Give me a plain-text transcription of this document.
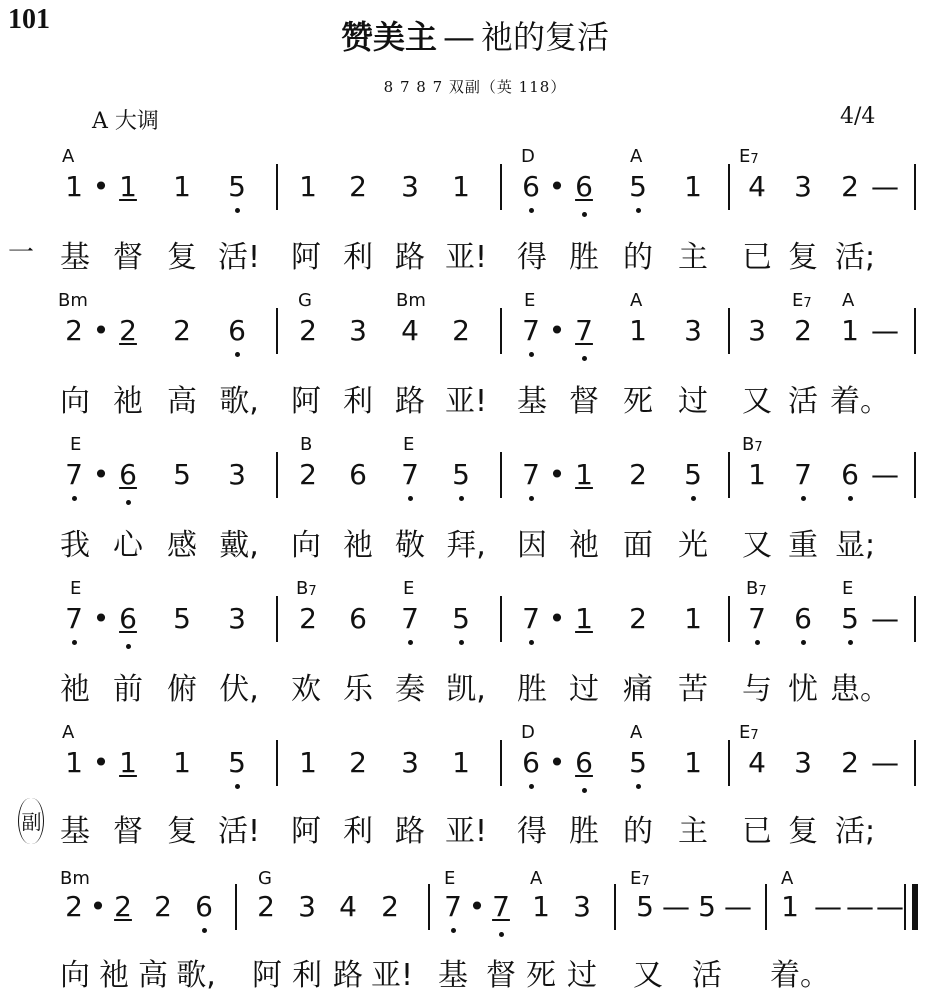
101	赞美主 — 祂的复活
8 7 8 7 双副（英 118）
A 大调	4/4
一
副
A	D	A	$E_7$
1 • 1 1 5 1 2 3 1 6 • 6 5 1 4 3 2 —
基 督 复 活! 阿 利 路 亚! 得 胜 的 主 已 复 活;
Bm	G	Bm	E	A	$E_7$ A
2 • 2 2 6 2 3 4 2 7 • 7 1 3 3 2 1 —
向 祂 高 歌, 阿 利 路 亚! 基 督 死 过 又 活 着。
E	B	E	$B_7$
7 • 6 5 3 2 6 7 5 7 • 1 2 5 1 7 6 —
我 心 感 戴, 向 祂 敬 拜, 因 祂 面 光 又 重 显;
E	$B_7$	E	$B_7$	E
7 • 6 5 3 2 6 7 5 7 • 1 2 1 7 6 5 —
祂 前 俯 伏, 欢 乐 奏 凯, 胜 过 痛 苦 与 忧 患。
A	D	A	$E_7$
1 • 1 1 5 1 2 3 1 6 • 6 5 1 4 3 2 —
基 督 复 活! 阿 利 路 亚! 得 胜 的 主 已 复 活;
Bm	G	E	A	$E_7$	A
2 • 2 2 6 2 3 4 2 7 • 7 1 3 5 — 5 — 1 — — —
向 祂 高 歌, 阿 利 路 亚! 基 督 死 过 又 活 着。
